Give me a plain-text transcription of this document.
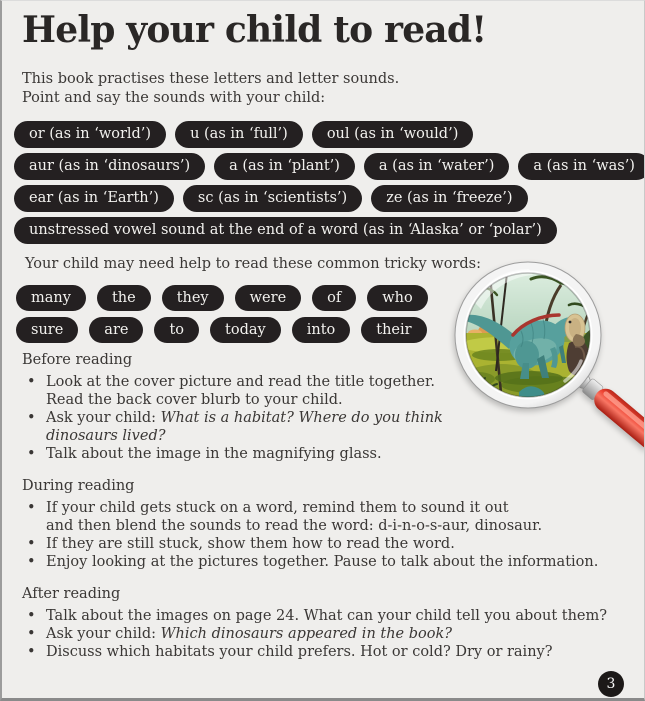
Help your child to read!
This book practises these letters and letter sounds.
Point and say the sounds with your child:
or (as in ‘world’)	u (as in ‘full’)	oul (as in ‘would’)
aur (as in ‘dinosaurs’)	a (as in ‘plant’)	a (as in ‘water’)	a (as in ‘was’)
ear (as in ‘Earth’)	sc (as in ‘scientists’)	ze (as in ‘freeze’)
unstressed vowel sound at the end of a word (as in ‘Alaska’ or ‘polar’)
Your child may need help to read these common tricky words:
many	the	they	were	of	who
sure	are	to	today	into	their
Before reading
• Look at the cover picture and read the title together.
Read the back cover blurb to your child.
• Ask your child: What is a habitat? Where do you think
dinosaurs lived?
• Talk about the image in the magnifying glass.
During reading
• If your child gets stuck on a word, remind them to sound it out
and then blend the sounds to read the word: d-i-n-o-s-aur, dinosaur.
• If they are still stuck, show them how to read the word.
• Enjoy looking at the pictures together. Pause to talk about the information.
After reading
• Talk about the images on page 24. What can your child tell you about them?
• Ask your child: Which dinosaurs appeared in the book?
• Discuss which habitats your child prefers. Hot or cold? Dry or rainy?
3
